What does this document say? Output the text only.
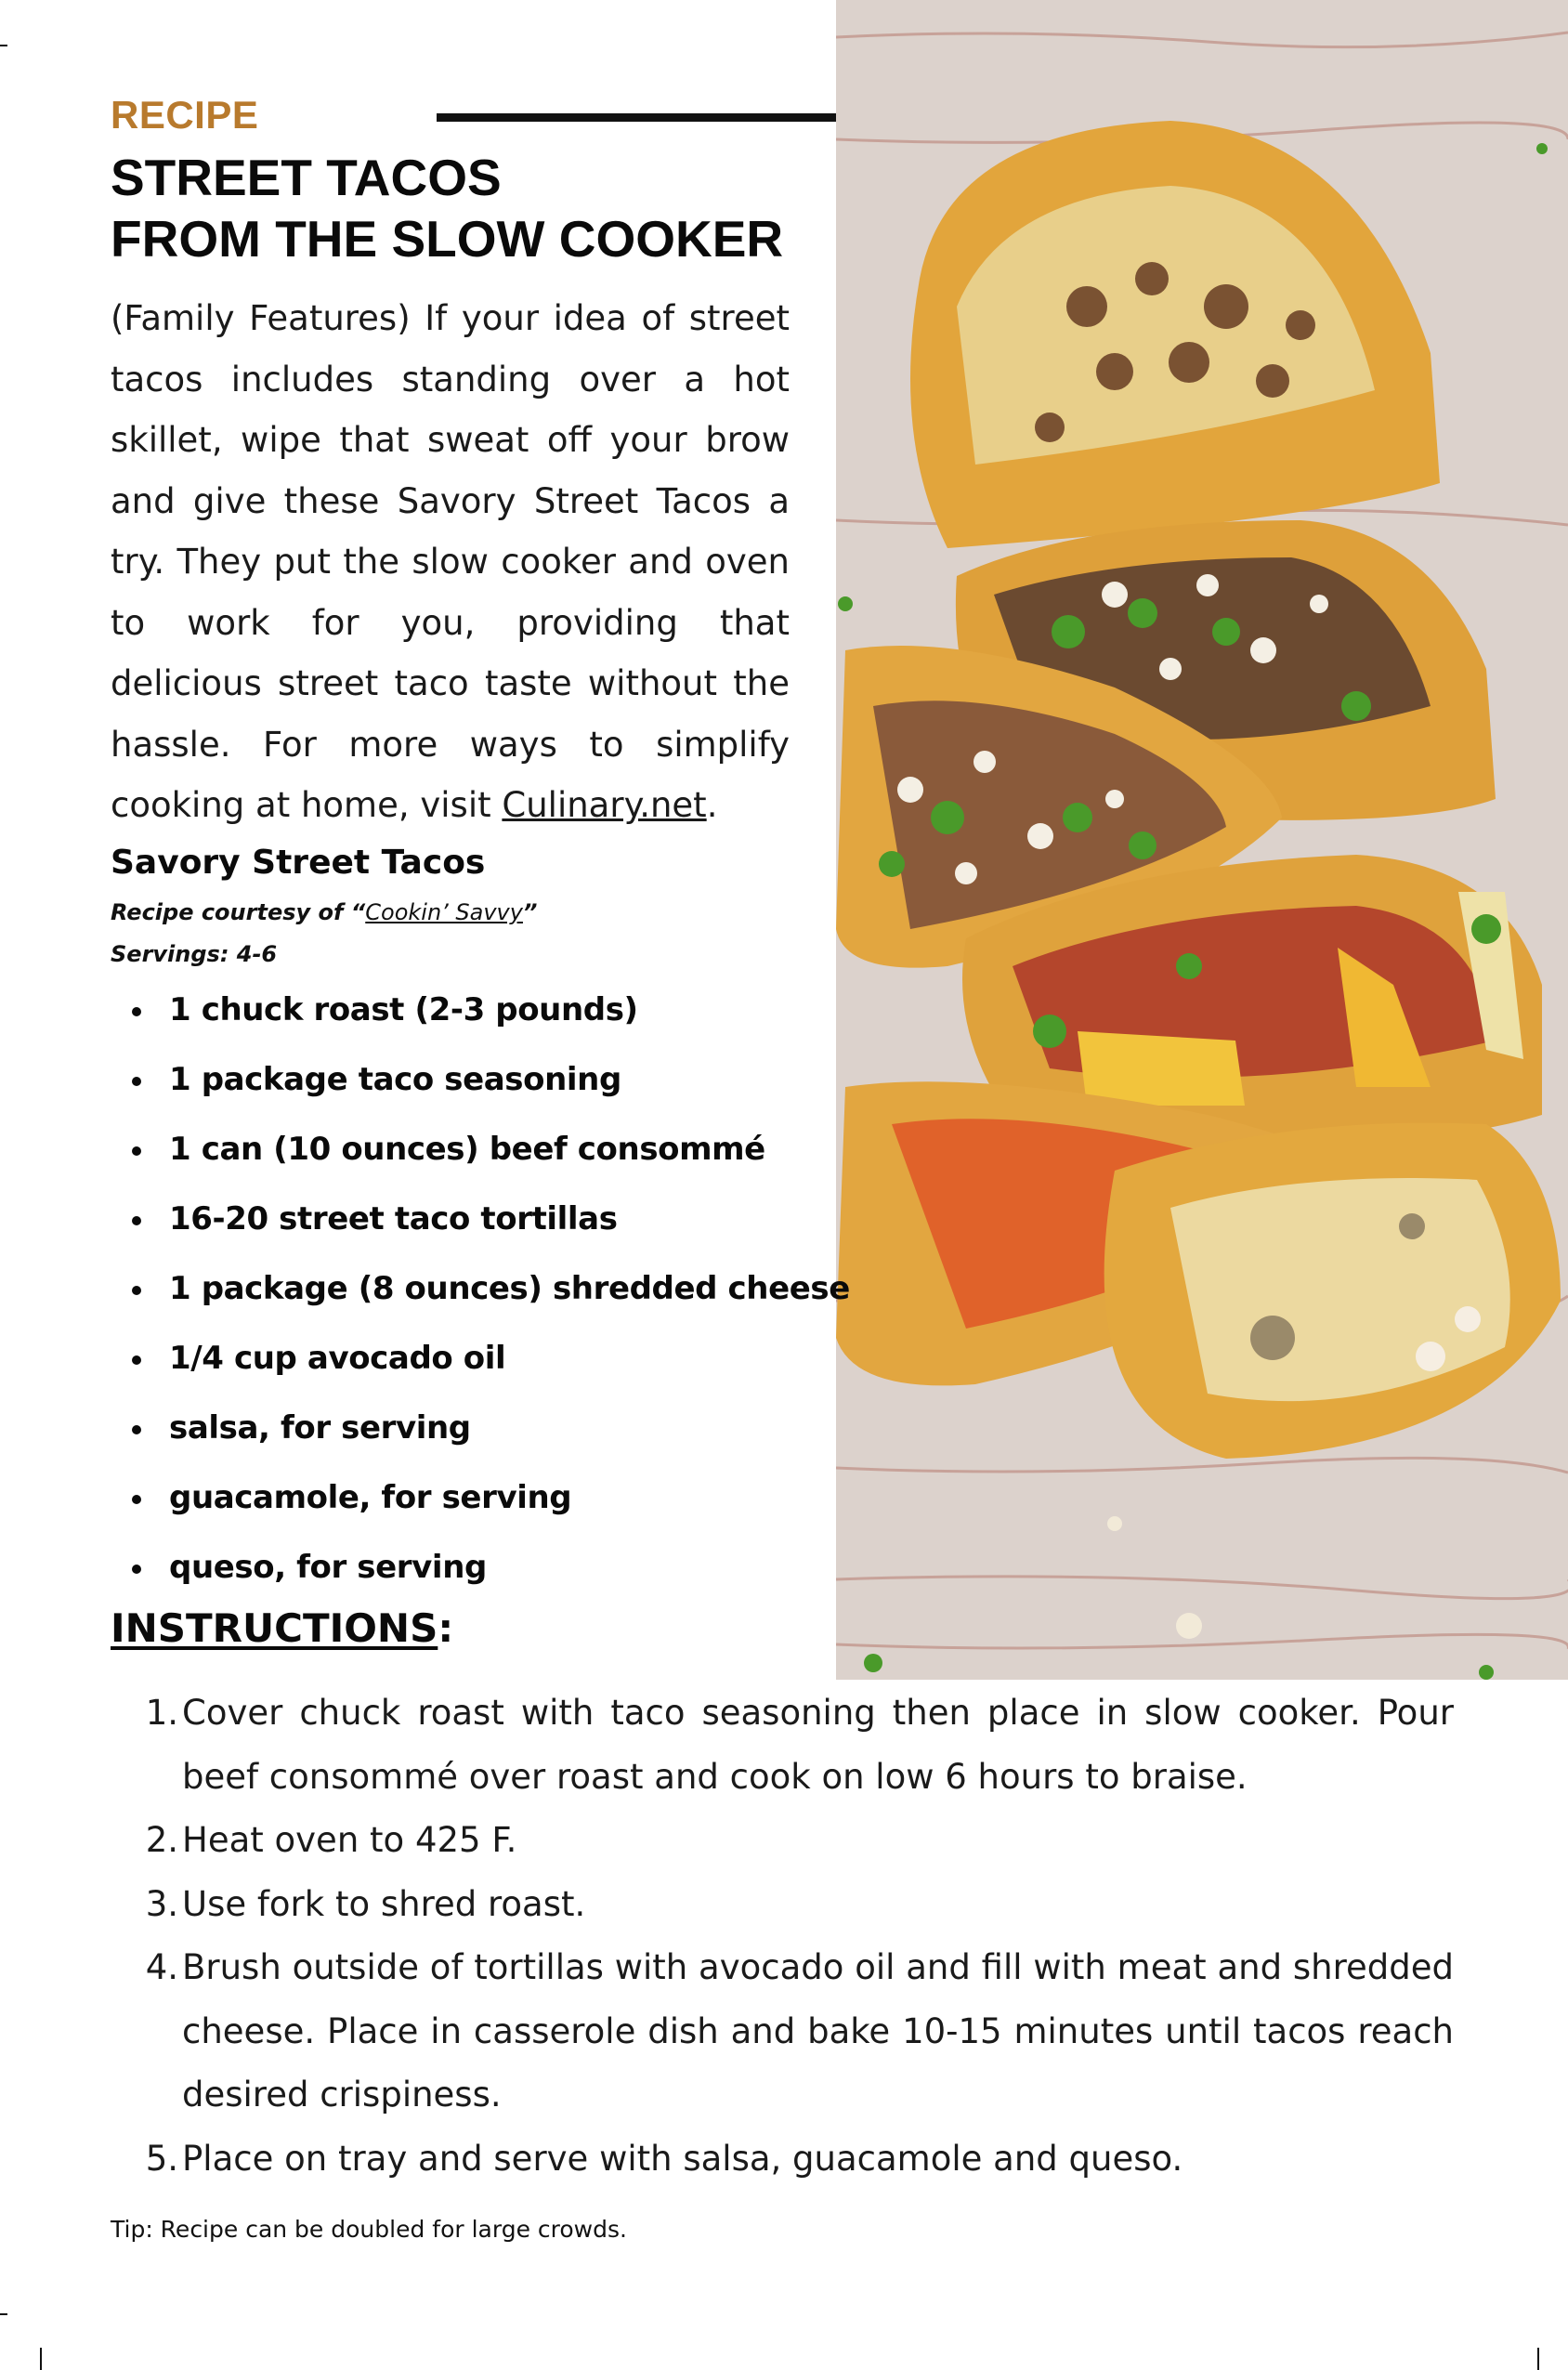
RECIPE
STREET TACOS
FROM THE SLOW COOKER

(Family Features) If your idea of street tacos includes standing over a hot skillet, wipe that sweat off your brow and give these Savory Street Tacos a try. They put the slow cooker and oven to work for you, providing that delicious street taco taste without the hassle. For more ways to simplify cooking at home, visit Culinary.net.

Savory Street Tacos
Recipe courtesy of “Cookin’ Savvy”
Servings: 4-6
1 chuck roast (2-3 pounds)
1 package taco seasoning
1 can (10 ounces) beef consommé
16-20 street taco tortillas
1 package (8 ounces) shredded cheese
1/4 cup avocado oil
salsa, for serving
guacamole, for serving
queso, for serving
INSTRUCTIONS:
1. Cover chuck roast with taco seasoning then place in slow cooker. Pour beef consommé over roast and cook on low 6 hours to braise.
2. Heat oven to 425 F.
3. Use fork to shred roast.
4. Brush outside of tortillas with avocado oil and fill with meat and shredded cheese. Place in casserole dish and bake 10-15 minutes until tacos reach desired crispiness.
5. Place on tray and serve with salsa, guacamole and queso.
Tip: Recipe can be doubled for large crowds.
